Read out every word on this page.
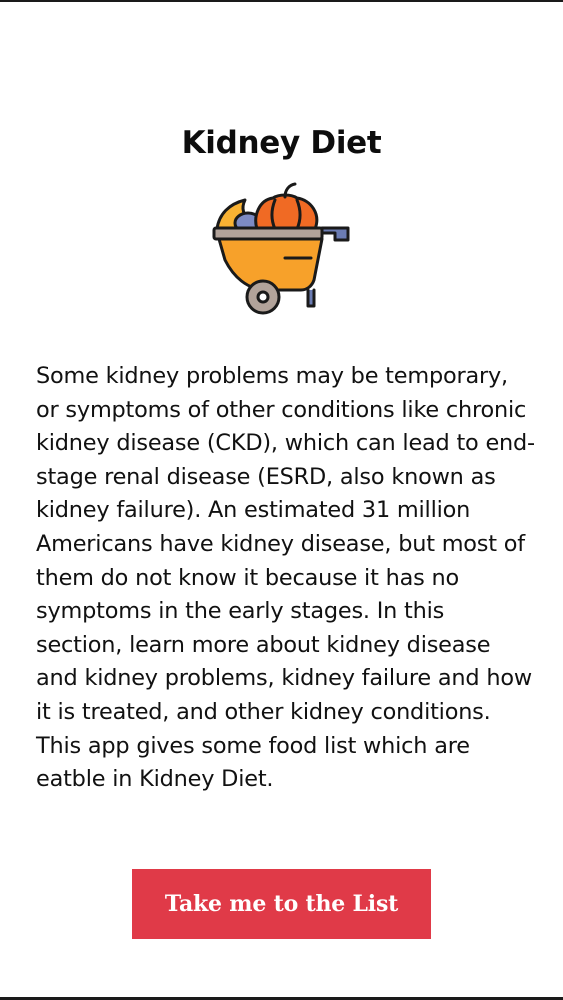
Kidney Diet

Some kidney problems may be temporary, or symptoms of other conditions like chronic kidney disease (CKD), which can lead to end-stage renal disease (ESRD, also known as kidney failure). An estimated 31 million Americans have kidney disease, but most of them do not know it because it has no symptoms in the early stages. In this section, learn more about kidney disease and kidney problems, kidney failure and how it is treated, and other kidney conditions. This app gives some food list which are eatble in Kidney Diet.

Take me to the List
